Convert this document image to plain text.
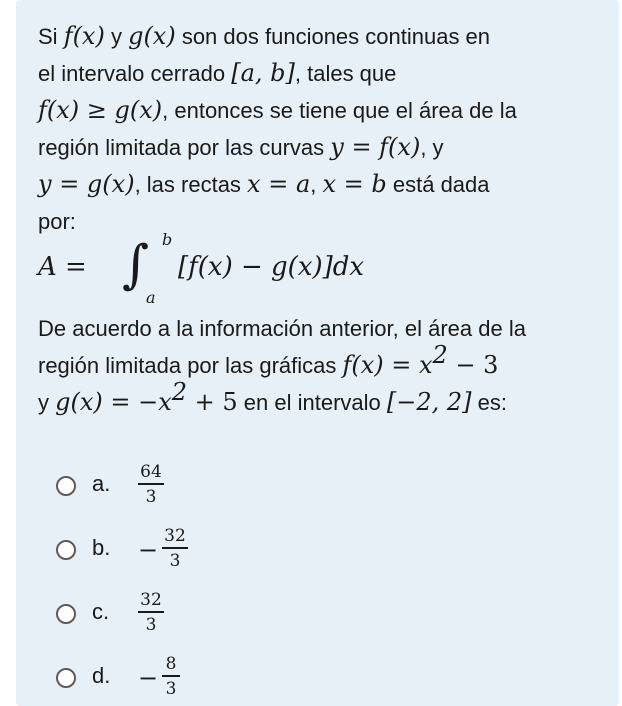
Si f(x) y g(x) son dos funciones continuas en

el intervalo cerrado [a, b], tales que

f(x) ≥ g(x), entonces se tiene que el área de la

región limitada por las curvas y = f(x), y

y = g(x), las rectas x = a, x = b está dada

por:

A = ∫ b
a
[f(x) − g(x)]dx

De acuerdo a la información anterior, el área de la

región limitada por las gráficas $f(x) = x^2 - 3$

y $g(x) = -x^2 + 5$ en el intervalo [−2, 2] es:

a. 64
3
b. − 32
3
c. 32
3
d. − 8
3
